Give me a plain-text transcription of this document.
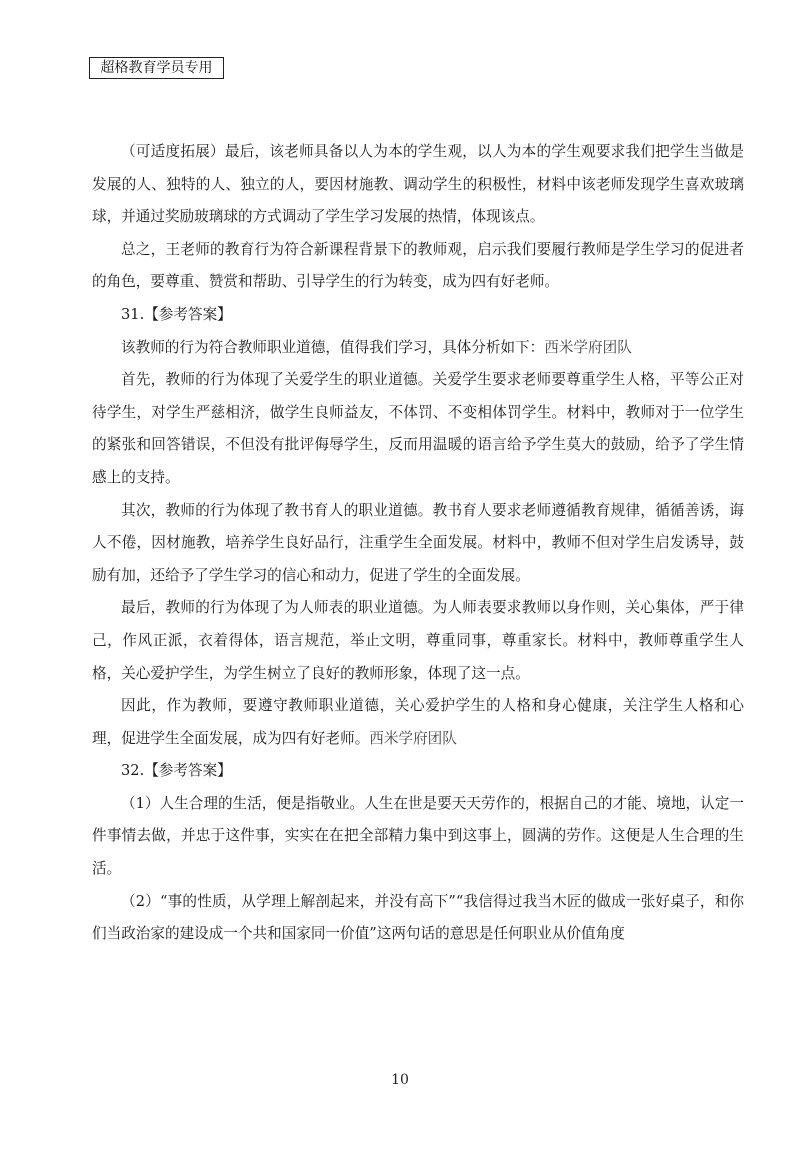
超格教育学员专用

（可适度拓展）最后，该老师具备以人为本的学生观，以人为本的学生观要求我们把学生当做是发展的人、独特的人、独立的人，要因材施教、调动学生的积极性，材料中该老师发现学生喜欢玻璃球，并通过奖励玻璃球的方式调动了学生学习发展的热情，体现该点。

总之，王老师的教育行为符合新课程背景下的教师观，启示我们要履行教师是学生学习的促进者的角色，要尊重、赞赏和帮助、引导学生的行为转变，成为四有好老师。

31.【参考答案】

该教师的行为符合教师职业道德，值得我们学习，具体分析如下：西米学府团队

首先，教师的行为体现了关爱学生的职业道德。关爱学生要求老师要尊重学生人格，平等公正对待学生，对学生严慈相济，做学生良师益友，不体罚、不变相体罚学生。材料中，教师对于一位学生的紧张和回答错误，不但没有批评侮辱学生，反而用温暖的语言给予学生莫大的鼓励，给予了学生情感上的支持。

其次，教师的行为体现了教书育人的职业道德。教书育人要求老师遵循教育规律，循循善诱，诲人不倦，因材施教，培养学生良好品行，注重学生全面发展。材料中，教师不但对学生启发诱导，鼓励有加，还给予了学生学习的信心和动力，促进了学生的全面发展。

最后，教师的行为体现了为人师表的职业道德。为人师表要求教师以身作则，关心集体，严于律己，作风正派，衣着得体，语言规范，举止文明，尊重同事，尊重家长。材料中，教师尊重学生人格，关心爱护学生，为学生树立了良好的教师形象，体现了这一点。

因此，作为教师，要遵守教师职业道德，关心爱护学生的人格和身心健康，关注学生人格和心理，促进学生全面发展，成为四有好老师。西米学府团队

32.【参考答案】

（1）人生合理的生活，便是指敬业。人生在世是要天天劳作的，根据自己的才能、境地，认定一件事情去做，并忠于这件事，实实在在把全部精力集中到这事上，圆满的劳作。这便是人生合理的生活。

（2）“事的性质，从学理上解剖起来，并没有高下”“我信得过我当木匠的做成一张好桌子，和你们当政治家的建设成一个共和国家同一价值”这两句话的意思是任何职业从价值角度

10
